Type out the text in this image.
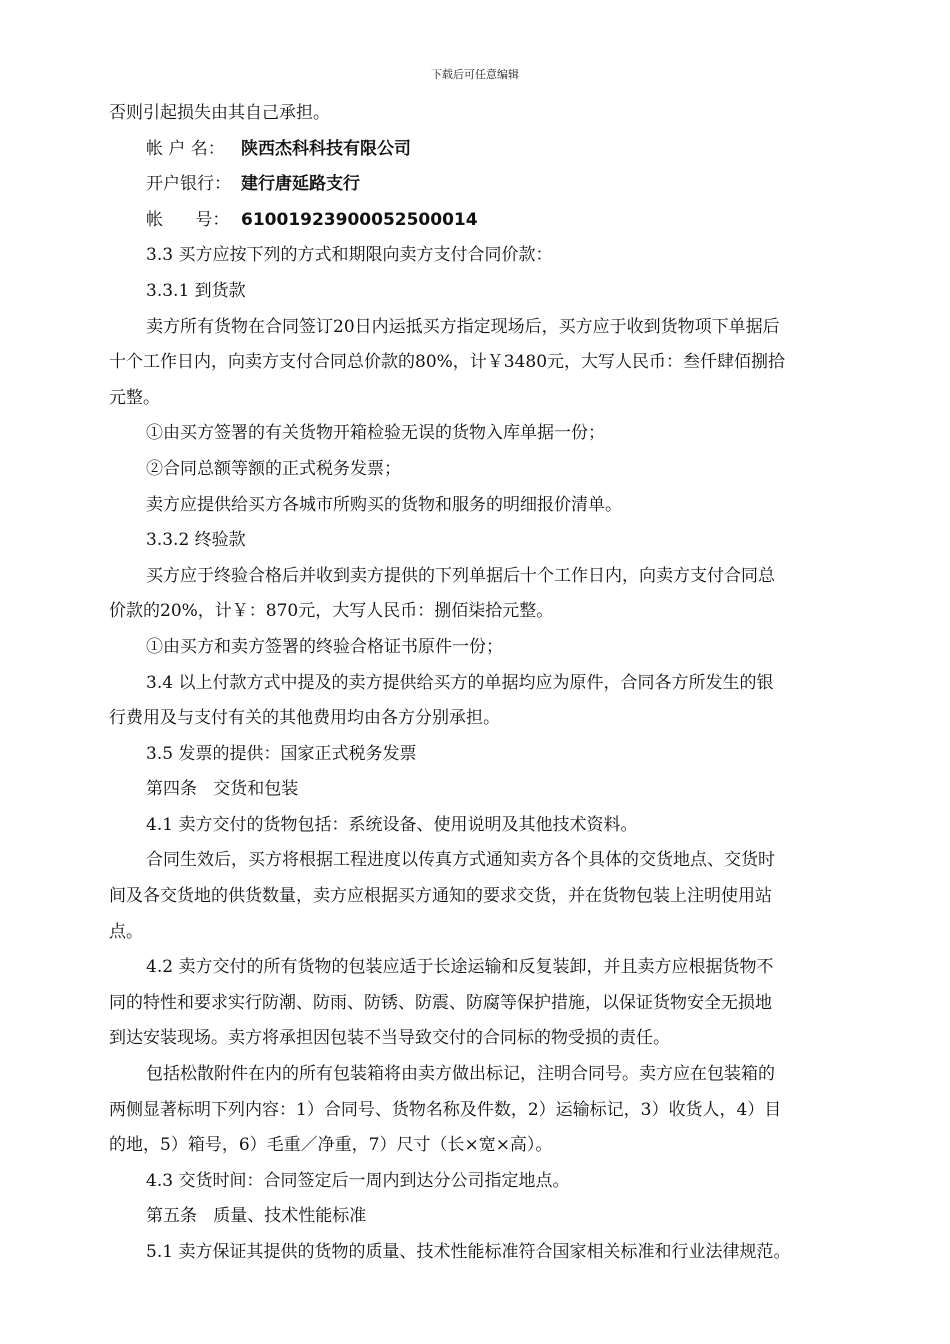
下载后可任意编辑

否则引起损失由其自己承担。

帐 户 名： 陕西杰科科技有限公司

开户银行： 建行唐延路支行

帐      号： 61001923900052500014

3.3 买方应按下列的方式和期限向卖方支付合同价款：

3.3.1 到货款

卖方所有货物在合同签订20日内运抵买方指定现场后，买方应于收到货物项下单据后

十个工作日内，向卖方支付合同总价款的80%，计￥3480元，大写人民币：叁仟肆佰捌拾

元整。

①由买方签署的有关货物开箱检验无误的货物入库单据一份；

②合同总额等额的正式税务发票；

卖方应提供给买方各城市所购买的货物和服务的明细报价清单。

3.3.2 终验款

买方应于终验合格后并收到卖方提供的下列单据后十个工作日内，向卖方支付合同总

价款的20%，计￥：870元，大写人民币：捌佰柒拾元整。

①由买方和卖方签署的终验合格证书原件一份；

3.4 以上付款方式中提及的卖方提供给买方的单据均应为原件，合同各方所发生的银

行费用及与支付有关的其他费用均由各方分别承担。

3.5 发票的提供：国家正式税务发票

第四条   交货和包装

4.1 卖方交付的货物包括：系统设备、使用说明及其他技术资料。

合同生效后，买方将根据工程进度以传真方式通知卖方各个具体的交货地点、交货时

间及各交货地的供货数量，卖方应根据买方通知的要求交货，并在货物包装上注明使用站

点。

4.2 卖方交付的所有货物的包装应适于长途运输和反复装卸，并且卖方应根据货物不

同的特性和要求实行防潮、防雨、防锈、防震、防腐等保护措施，以保证货物安全无损地

到达安装现场。卖方将承担因包装不当导致交付的合同标的物受损的责任。

包括松散附件在内的所有包装箱将由卖方做出标记，注明合同号。卖方应在包装箱的

两侧显著标明下列内容：1）合同号、货物名称及件数，2）运输标记，3）收货人，4）目

的地，5）箱号，6）毛重／净重，7）尺寸（长×宽×高）。

4.3 交货时间：合同签定后一周内到达分公司指定地点。

第五条   质量、技术性能标准

5.1 卖方保证其提供的货物的质量、技术性能标准符合国家相关标准和行业法律规范。
